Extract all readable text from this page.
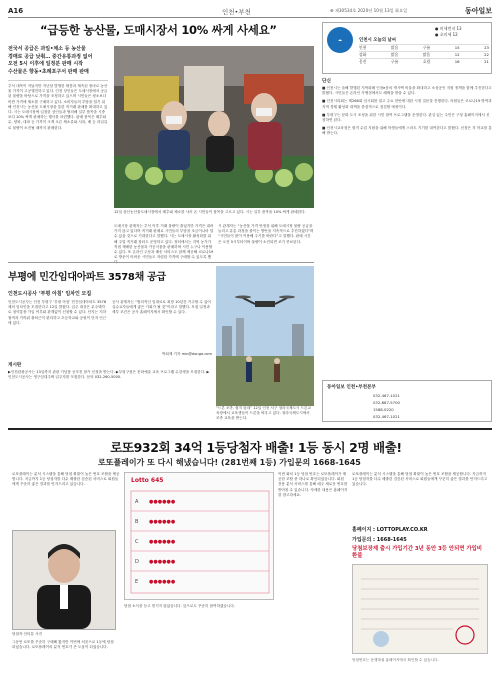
A16	인천•부천	⊕ 제30534호 2020년 10월 13일 화요일	동아일보
“급등한 농산물, 도매시장서 10% 싸게 사세요”
전국서 공급은 과일•채소 등 농산물
경매로 공급 낮춰… 중간유통과정 없어
오전 5시 이후에 일정분 판매 시작
수산물은 향동•초례포구서 판매 판매
추석 대목이 지났지만 지난달 발생한 태풍과 계속된 장마로 농산물 가격이 고공행진하고 있다. 인천 상인들은 도매시장에서 공급된 물량을 바탕으로 가격을 조정하고 있으며 시민들은 평소보다 비싼 가격에 채소를 구매하고 있다. 소비자들의 부담을 덜기 위해 인천시는 농산물 도매시장을 통한 직거래 판매를 확대하고 있다. 시는 도매시장에 입점한 상인들과 협의해 일부 품목을 시중보다 10% 싸게 판매하는 행사를 마련했다. 판매 품목은 배추와 무, 양파, 대파 등 가격이 크게 오른 채소류와 사과, 배 등 과일류로 물량이 소진될 때까지 판매한다.
12일 삼산농산물도매시장에서 배추와 채소를 사러 온 시민들이 품목을 고르고 있다. 시는 일부 품목을 10% 싸게 판매한다.
도매시장 관계자는 추석 이후 거래 물량이 줄었지만 가격은 내려가지 않고 있다며 직거래 판매로 시민들의 부담을 조금이나마 덜 수 있을 것으로 기대한다고 말했다. 시는 도매시장 활성화를 위해 주말 직거래 장터도 운영하고 있다. 장터에서는 지역 농가가 직접 재배한 농산물과 가공식품을 판매하며 시민 누구나 이용할 수 있다. 또 온라인 주문과 배송 서비스도 함께 제공해 코로나19로 방문이 어려운 시민들도 저렴한 가격에 구매할 수 있도록 했다.
시 관계자는 “농산물 가격 안정을 위해 도매시장 물량 공급을 늘리고 유통 과정을 줄이는 방안을 지속적으로 추진하겠다”며 “시민들이 많이 이용해 주기를 바란다”고 말했다. 판매 시간은 오전 5시부터이며 물량이 소진되면 조기 종료된다.
☁
● 미세먼지 13
● 초미세 12
인천시 오늘의 날씨
인천	맑음	구름	15	23
강화	맑음	맑음	12	22
옹진	구름	흐림	16	21
단신

■ 인천시는 올해 발행된 지역화폐 인천e음의 캐시백 비율을 확대하고 소상공인 지원 정책을 함께 추진한다고 밝혔다. 시민들은 온라인 가맹점에서도 혜택을 받을 수 있다.

■ 인천시의회는 제266회 임시회를 열고 주요 현안에 대한 시정 질문을 진행한다. 의원들은 코로나19 방역과 지역 경제 활성화 대책을 중점적으로 점검할 예정이다.

■ 부평구는 문화 도시 조성을 위한 시민 참여 프로그램을 운영한다. 관심 있는 주민은 구청 홈페이지에서 신청하면 된다.

■ 인천시교육청은 원격 수업 지원을 위해 학생들에게 스마트 기기를 대여한다고 밝혔다. 신청은 각 학교를 통해 받는다.

동아일보 인천•부천본부
032-467-1021
032-867-5700
1588-0220
032-467-1021
부평에 민간임대아파트 3578채 공급
인천도시공사 ‘부평 아침’ 임차인 모집
인천도시공사는 인천 부평구 ‘부평 아침’ 민간임대아파트 3578채의 임차인을 모집한다고 12일 밝혔다. 입주 대상은 무주택자로 청약통장 가입 여부와 관계없이 신청할 수 있다. 단지는 지하철역과 가까워 출퇴근이 편리하고 초등학교와 공원이 단지 인근에 있다.
공사 관계자는 “합리적인 임대료로 최장 10년간 거주할 수 있어 실수요자들에게 좋은 기회가 될 것”이라고 말했다. 모집 일정과 세부 조건은 공사 홈페이지에서 확인할 수 있다.
박희제 기자 min@donga.com
게시판
▶인천관광공사는 13일까지 관광 기념품 공모전 참가 신청을 받는다. ▶부평구청은 문화예술 교육 프로그램 수강생을 모집한다. ▶인천도시공사는 영구임대주택 입주자를 모집한다. 문의 032-260-5000.
“드론 조종, 쉽지 않네” 12일 인천 서구 청라국제도시 드론교육장에서 교육생들이 드론을 띄우고 있다. 청라국제도시에서 조종 교육을 받는다.
로또932회 34억 1등당첨자 배출! 1등 동시 2명 배출!
로또플레이가 또 다시 해냈습니다! (281번째 1등) 가입문의 1668-1645
로또플레이는 분석 시스템을 통해 당첨 확률이 높은 번호 조합을 제공합니다. 지금까지 1등 당첨자를 다수 배출한 검증된 서비스로 회원들에게 꾸준히 좋은 결과를 안겨드리고 있습니다.
당첨자 인터뷰 사진
그동안 로또를 꾸준히 구매해 왔지만 이번에 처음으로 1등에 당첨되었습니다. 로또플레이의 분석 번호가 큰 도움이 되었습니다.
Lotto 645
A
B
C
D
E
●●●●●●
●●●●●●
●●●●●●
●●●●●●
●●●●●●
당첨 소식을 듣고 믿기지 않았습니다. 앞으로도 꾸준히 참여하겠습니다.
이번 회차 1등 당첨 번호는 로또플레이가 제공한 조합 중 하나로 확인되었습니다. 회원 전용 분석 서비스를 통해 매주 새로운 번호를 받아볼 수 있습니다. 자세한 내용은 홈페이지를 참고하세요.
로또플레이는 분석 시스템을 통해 당첨 확률이 높은 번호 조합을 제공합니다. 지금까지 1등 당첨자를 다수 배출한 검증된 서비스로 회원들에게 꾸준히 좋은 결과를 안겨드리고 있습니다.
홈페이지 : LOTTOPLAY.CO.KR
가입문의 : 1668-1645
당첨보장제 출시 가입기간 3년 동안 3등 안되면 가입비 환불
당첨번호는 동행복권 홈페이지에서 확인할 수 있습니다.
